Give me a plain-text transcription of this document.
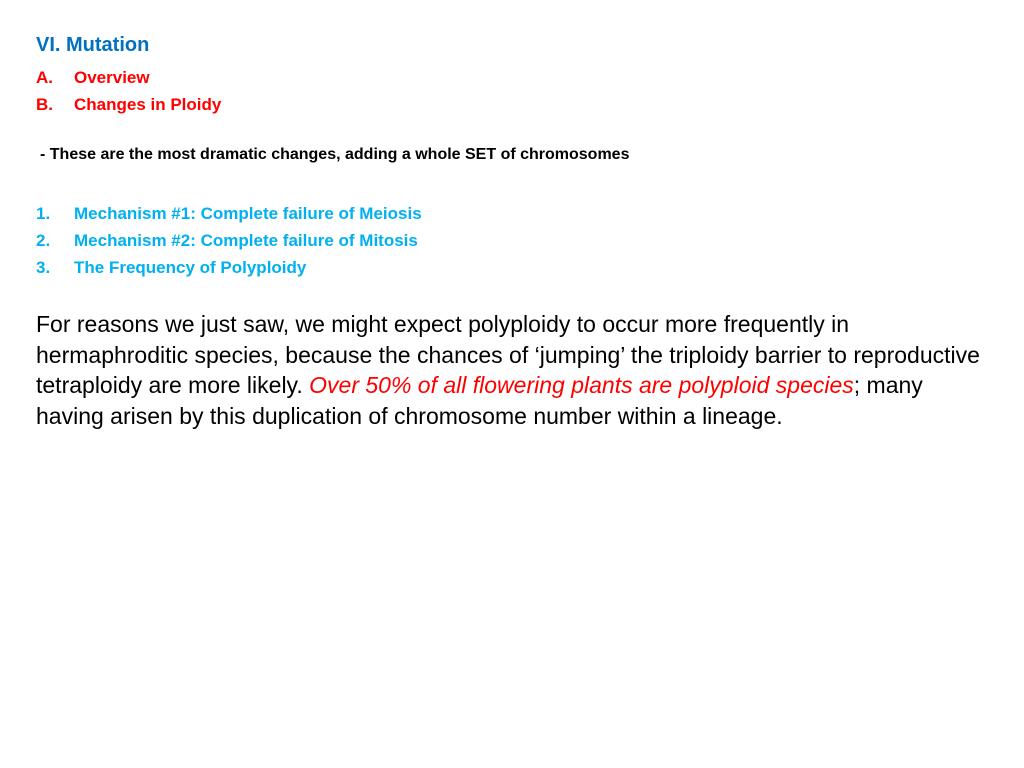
VI. Mutation
A. Overview
B. Changes in Ploidy
- These are the most dramatic changes, adding a whole SET of chromosomes
1. Mechanism #1: Complete failure of Meiosis
2. Mechanism #2: Complete failure of Mitosis
3. The Frequency of Polyploidy
For reasons we just saw, we might expect polyploidy to occur more frequently in hermaphroditic species, because the chances of ‘jumping’ the triploidy barrier to reproductive tetraploidy are more likely. Over 50% of all flowering plants are polyploid species; many having arisen by this duplication of chromosome number within a lineage.
